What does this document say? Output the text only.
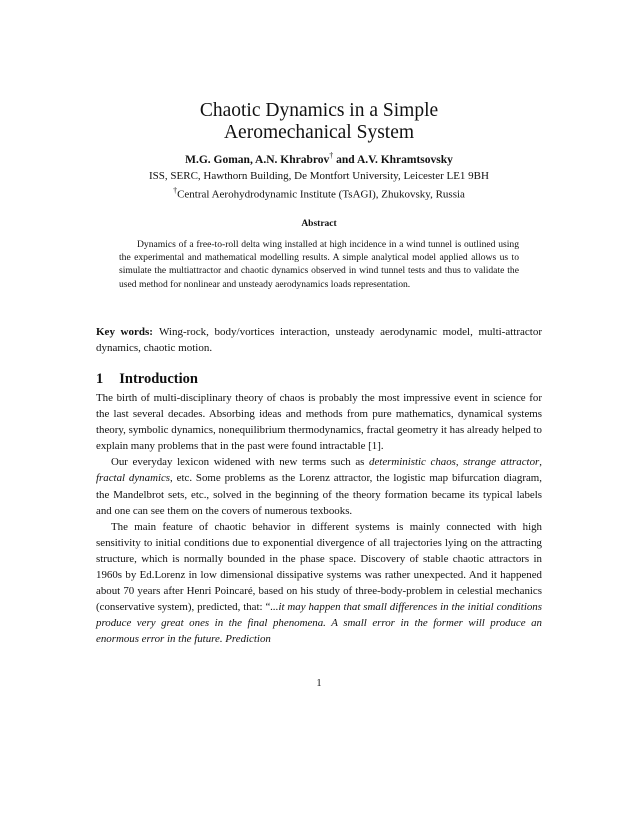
Chaotic Dynamics in a Simple
Aeromechanical System
M.G. Goman, A.N. Khrabrov† and A.V. Khramtsovsky
ISS, SERC, Hawthorn Building, De Montfort University, Leicester LE1 9BH
†Central Aerohydrodynamic Institute (TsAGI), Zhukovsky, Russia
Abstract
Dynamics of a free-to-roll delta wing installed at high incidence in a wind tunnel is outlined using the experimental and mathematical modelling results. A simple analytical model applied allows us to simulate the multiattractor and chaotic dynamics observed in wind tunnel tests and thus to validate the used method for nonlinear and unsteady aerodynamics loads representation.
Key words: Wing-rock, body/vortices interaction, unsteady aerodynamic model, multi-attractor dynamics, chaotic motion.
1 Introduction

The birth of multi-disciplinary theory of chaos is probably the most impressive event in science for the last several decades. Absorbing ideas and methods from pure mathematics, dynamical systems theory, symbolic dynamics, nonequilibrium thermodynamics, fractal geometry it has already helped to explain many problems that in the past were found intractable [1].

Our everyday lexicon widened with new terms such as deterministic chaos, strange attractor, fractal dynamics, etc. Some problems as the Lorenz attractor, the logistic map bifurcation diagram, the Mandelbrot sets, etc., solved in the beginning of the theory formation became its typical labels and one can see them on the covers of numerous texbooks.

The main feature of chaotic behavior in different systems is mainly connected with high sensitivity to initial conditions due to exponential divergence of all trajectories lying on the attracting structure, which is normally bounded in the phase space. Discovery of stable chaotic attractors in 1960s by Ed.Lorenz in low dimensional dissipative systems was rather unexpected. And it happened about 70 years after Henri Poincaré, based on his study of three-body-problem in celestial mechanics (conservative system), predicted, that: “...it may happen that small differences in the initial conditions produce very great ones in the final phenomena. A small error in the former will produce an enormous error in the future. Prediction

1
